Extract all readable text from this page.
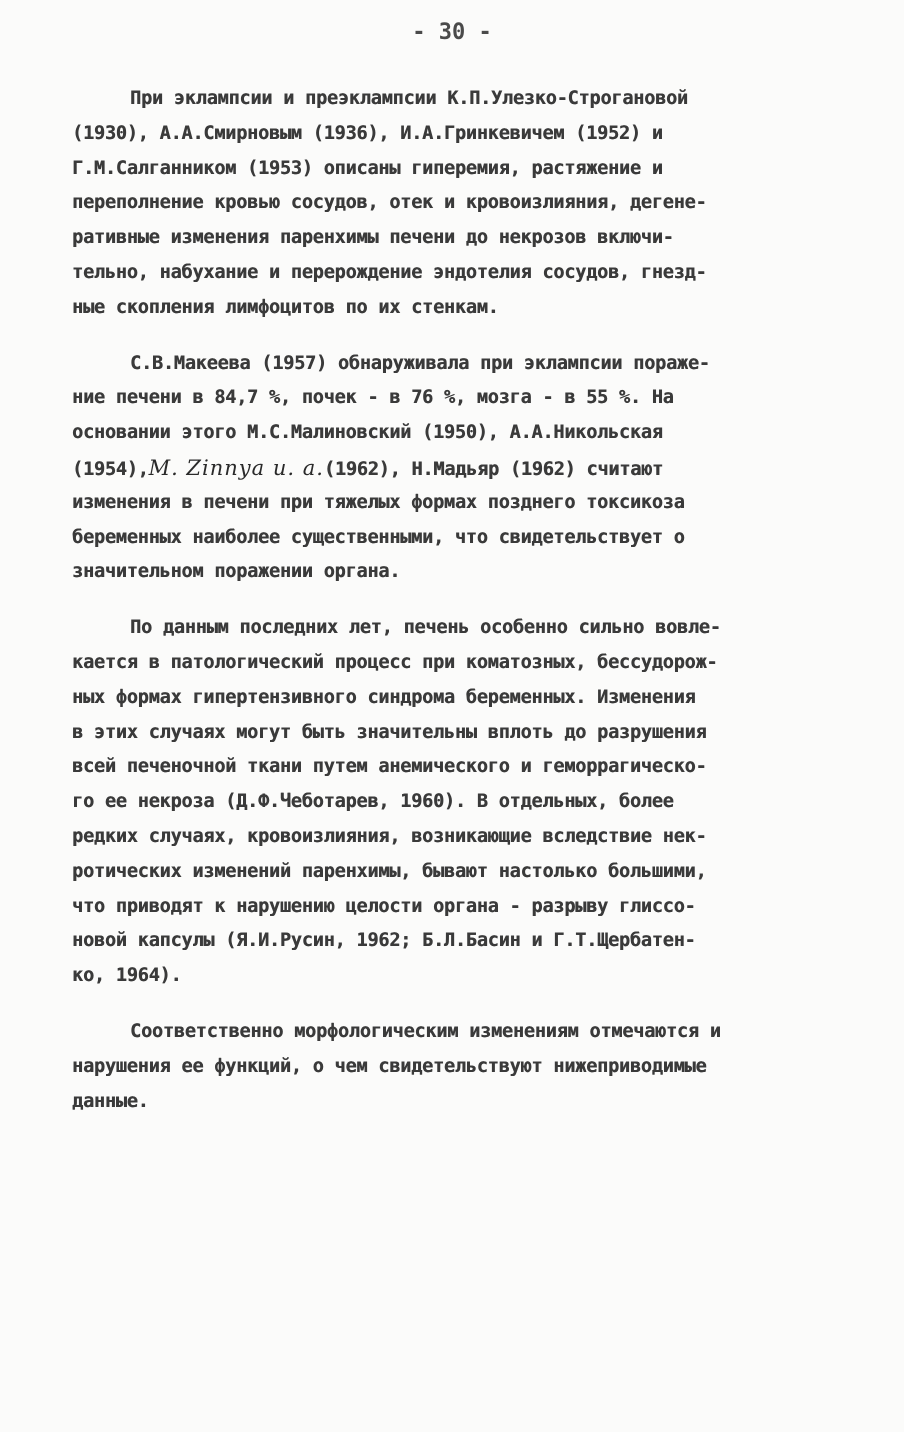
- 30 -
При эклампсии и преэклампсии К.П.Улезко-Строгановой
(1930), А.А.Смирновым (1936), И.А.Гринкевичем (1952) и
Г.М.Салганником (1953) описаны гиперемия, растяжение и
переполнение кровью сосудов, отек и кровоизлияния, дегене-
ративные изменения паренхимы печени до некрозов включи-
тельно, набухание и перерождение эндотелия сосудов, гнезд-
ные скопления лимфоцитов по их стенкам.
С.В.Макеева (1957) обнаруживала при эклампсии пораже-
ние печени в 84,7 %, почек - в 76 %, мозга - в 55 %. На
основании этого М.С.Малиновский (1950), А.А.Никольская
(1954),M. Zinnya u. a.(1962), Н.Мадьяр (1962) считают
изменения в печени при тяжелых формах позднего токсикоза
беременных наиболее существенными, что свидетельствует о
значительном поражении органа.
По данным последних лет, печень особенно сильно вовле-
кается в патологический процесс при коматозных, бессудорож-
ных формах гипертензивного синдрома беременных. Изменения
в этих случаях могут быть значительны вплоть до разрушения
всей печеночной ткани путем анемического и геморрагическо-
го ее некроза (Д.Ф.Чеботарев, 1960). В отдельных, более
редких случаях, кровоизлияния, возникающие вследствие нек-
ротических изменений паренхимы, бывают настолько большими,
что приводят к нарушению целости органа - разрыву глиссо-
новой капсулы (Я.И.Русин, 1962; Б.Л.Басин и Г.Т.Щербатен-
ко, 1964).
Соответственно морфологическим изменениям отмечаются и
нарушения ее функций, о чем свидетельствуют нижеприводимые
данные.
